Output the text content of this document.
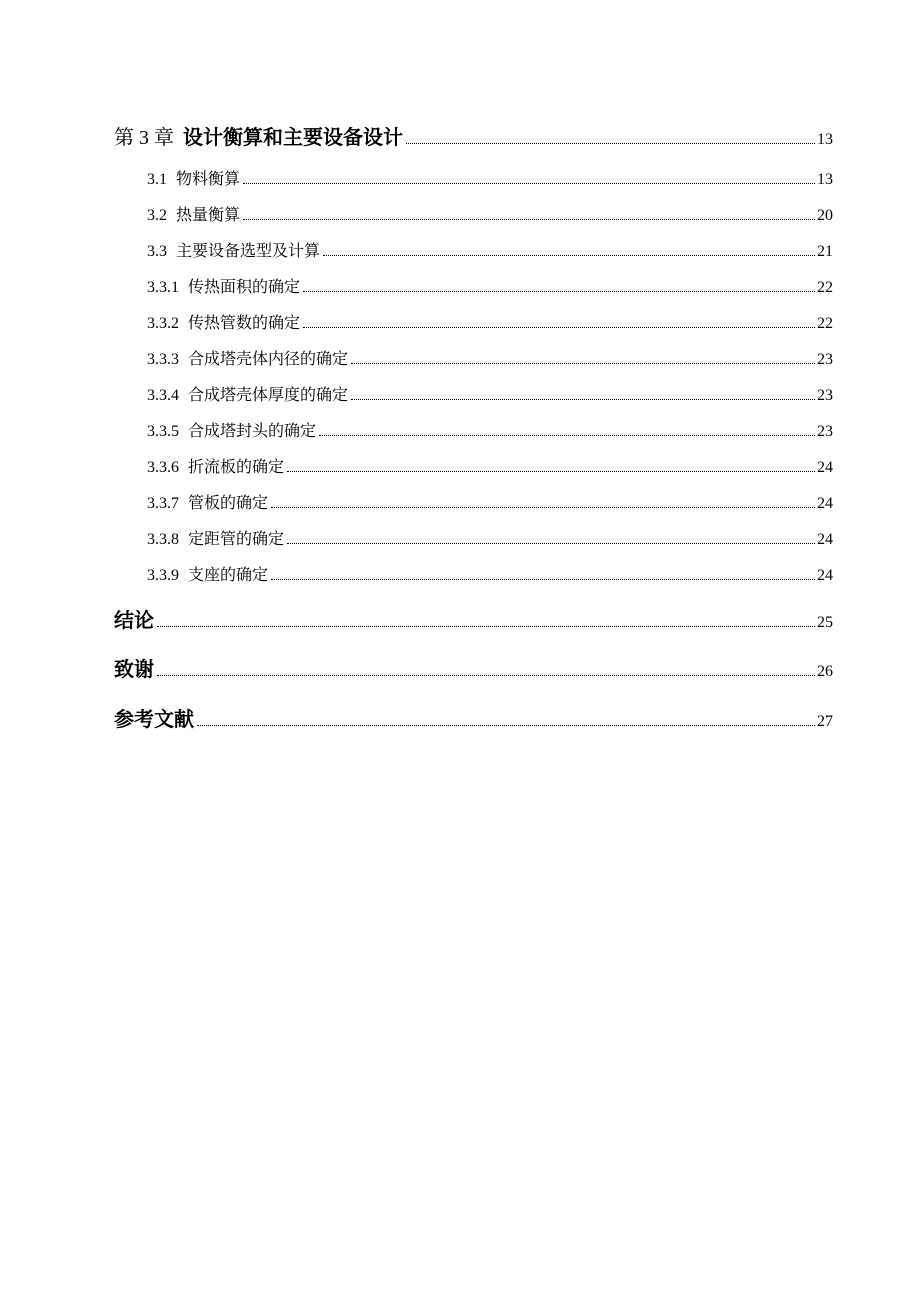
第 3 章 设计衡算和主要设备设计	13
3.1 物料衡算	13
3.2 热量衡算	20
3.3 主要设备选型及计算	21
3.3.1 传热面积的确定	22
3.3.2 传热管数的确定	22
3.3.3 合成塔壳体内径的确定	23
3.3.4 合成塔壳体厚度的确定	23
3.3.5 合成塔封头的确定	23
3.3.6 折流板的确定	24
3.3.7 管板的确定	24
3.3.8 定距管的确定	24
3.3.9 支座的确定	24
结论	25
致谢	26
参考文献	27
